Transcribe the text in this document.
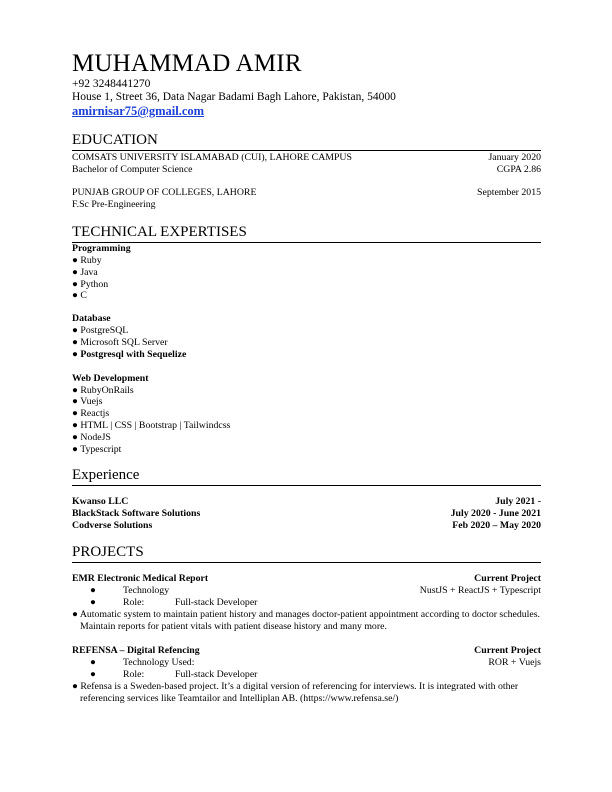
MUHAMMAD AMIR
+92 3248441270
House 1, Street 36, Data Nagar Badami Bagh Lahore, Pakistan, 54000
amirnisar75@gmail.com
EDUCATION
COMSATS UNIVERSITY ISLAMABAD (CUI), LAHORE CAMPUS	January 2020
Bachelor of Computer Science	CGPA 2.86
PUNJAB GROUP OF COLLEGES, LAHORE	September 2015
F.Sc Pre-Engineering
TECHNICAL EXPERTISES
Programming
● Ruby
● Java
● Python
● C
Database
● PostgreSQL
● Microsoft SQL Server
● Postgresql with Sequelize
Web Development
● RubyOnRails
● Vuejs
● Reactjs
● HTML | CSS | Bootstrap | Tailwindcss
● NodeJS
● Typescript
Experience
Kwanso LLC	July 2021 -
BlackStack Software Solutions	July 2020 - June 2021
Codverse Solutions	Feb 2020 – May 2020
PROJECTS
EMR Electronic Medical Report	Current Project
●	Technology	NustJS + ReactJS + Typescript
●	Role:	Full-stack Developer
● Automatic system to maintain patient history and manages doctor-patient appointment according to doctor schedules. Maintain reports for patient vitals with patient disease history and many more.
REFENSA – Digital Refencing	Current Project
●	Technology Used:	ROR + Vuejs
●	Role:	Full-stack Developer
● Refensa is a Sweden-based project. It’s a digital version of referencing for interviews. It is integrated with other referencing services like Teamtailor and Intelliplan AB. (https://www.refensa.se/)
